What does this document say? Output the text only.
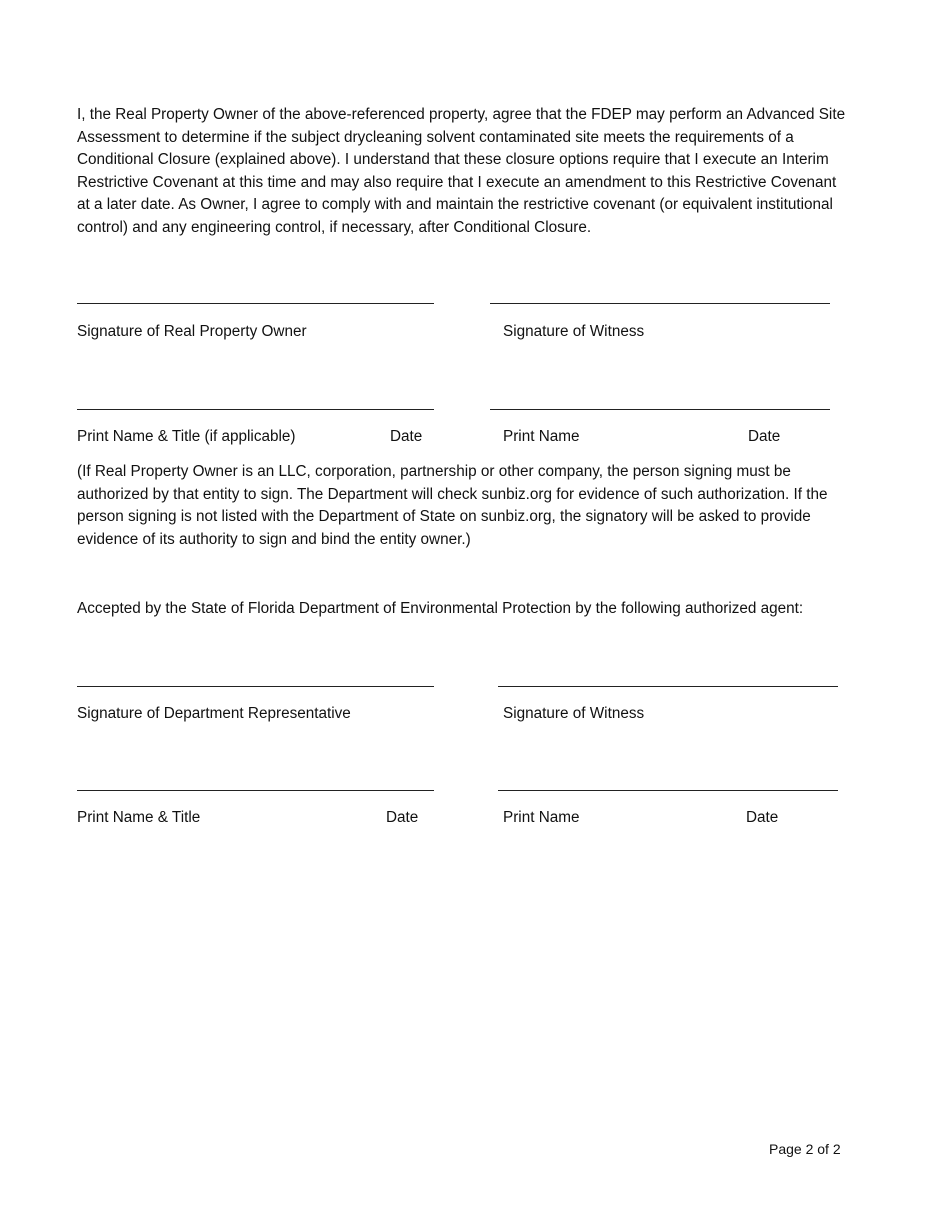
I, the Real Property Owner of the above-referenced property, agree that the FDEP may perform an Advanced Site Assessment to determine if the subject drycleaning solvent contaminated site meets the requirements of a Conditional Closure (explained above). I understand that these closure options require that I execute an Interim Restrictive Covenant at this time and may also require that I execute an amendment to this Restrictive Covenant at a later date. As Owner, I agree to comply with and maintain the restrictive covenant (or equivalent institutional control) and any engineering control, if necessary, after Conditional Closure.

Signature of Real Property Owner	Signature of Witness

Print Name & Title (if applicable)	Date	Print Name	Date

(If Real Property Owner is an LLC, corporation, partnership or other company, the person signing must be authorized by that entity to sign. The Department will check sunbiz.org for evidence of such authorization. If the person signing is not listed with the Department of State on sunbiz.org, the signatory will be asked to provide evidence of its authority to sign and bind the entity owner.)

Accepted by the State of Florida Department of Environmental Protection by the following authorized agent:

Signature of Department Representative	Signature of Witness

Print Name & Title	Date	Print Name	Date

Page 2 of 2
